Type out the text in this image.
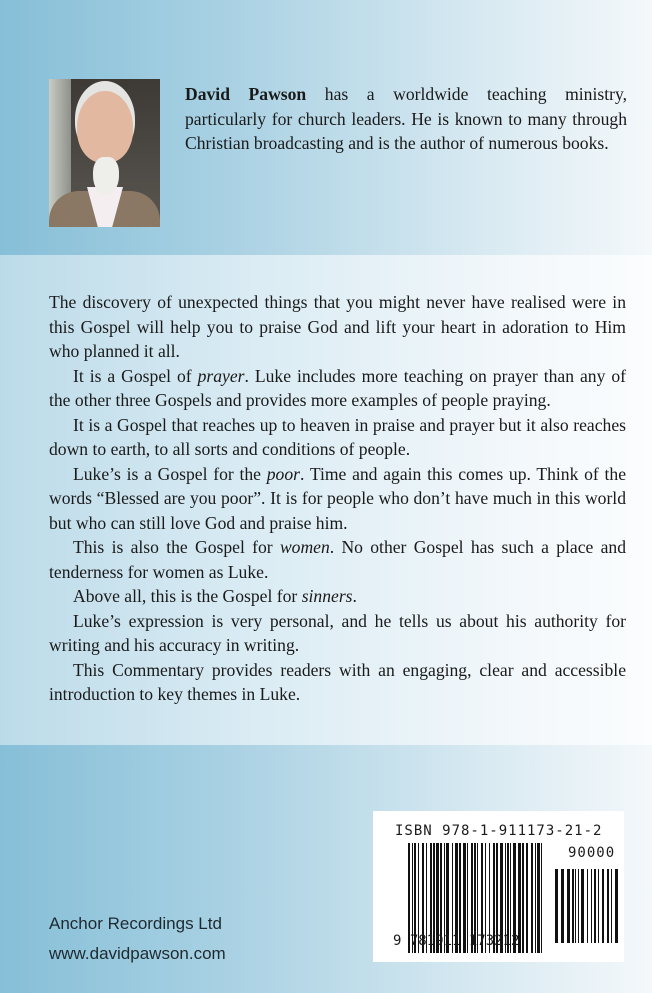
David Pawson has a worldwide teaching ministry, particularly for church leaders. He is known to many through Christian broadcasting and is the author of numerous books.

The discovery of unexpected things that you might never have realised were in this Gospel will help you to praise God and lift your heart in adoration to Him who planned it all.

It is a Gospel of prayer. Luke includes more teaching on prayer than any of the other three Gospels and provides more examples of people praying.

It is a Gospel that reaches up to heaven in praise and prayer but it also reaches down to earth, to all sorts and conditions of people.

Luke’s is a Gospel for the poor. Time and again this comes up. Think of the words “Blessed are you poor”. It is for people who don’t have much in this world but who can still love God and praise him.

This is also the Gospel for women. No other Gospel has such a place and tenderness for women as Luke.

Above all, this is the Gospel for sinners.

Luke’s expression is very personal, and he tells us about his authority for writing and his accuracy in writing.

This Commentary provides readers with an engaging, clear and accessible introduction to key themes in Luke.

Anchor Recordings Ltd
www.davidpawson.com
ISBN 978-1-911173-21-2
90000
9 781911 173212
